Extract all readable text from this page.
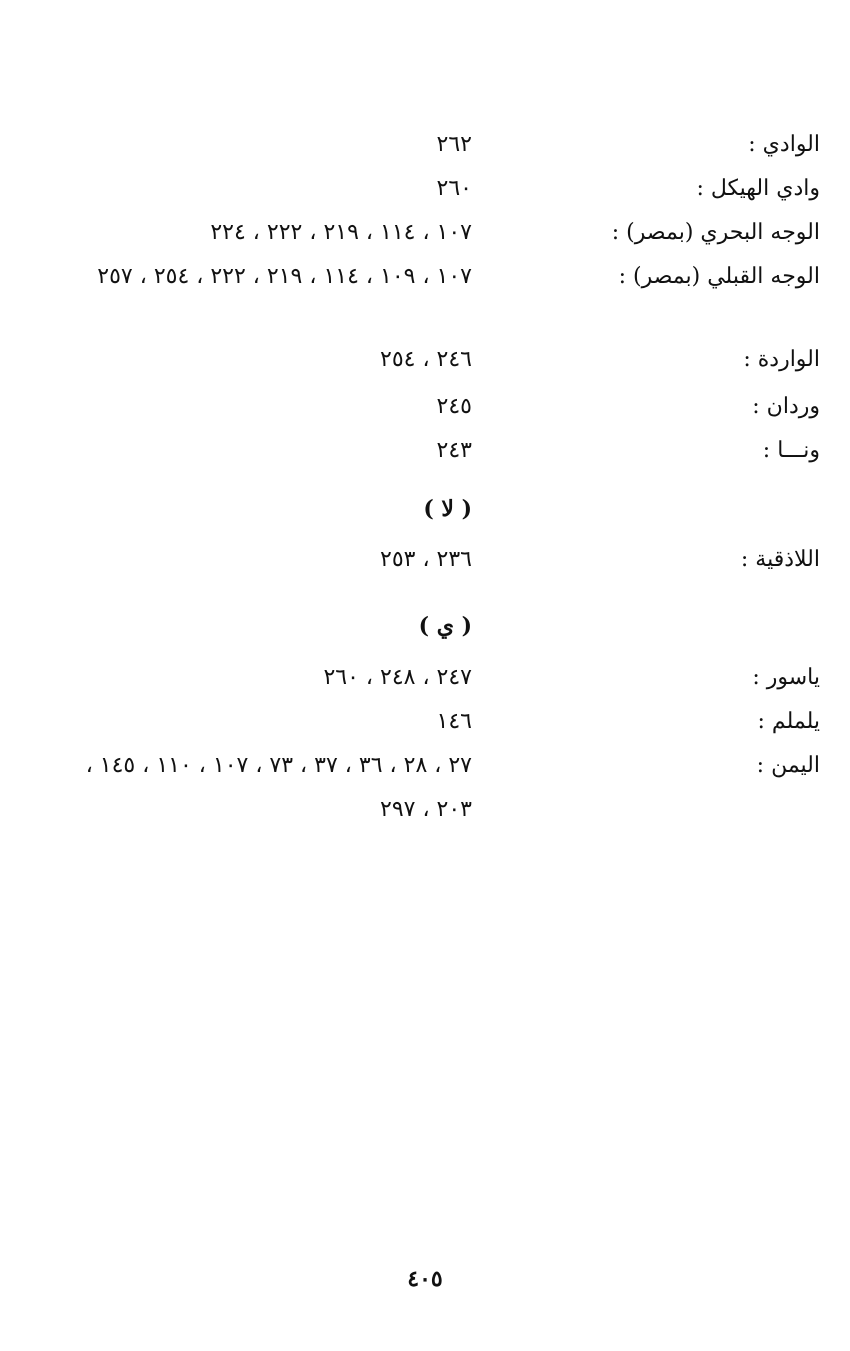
الوادي :
٢٦٢
وادي الهيكل :
٢٦٠
الوجه البحري (بمصر) :
١٠٧ ، ١١٤ ، ٢١٩ ، ٢٢٢ ، ٢٢٤
الوجه القبلي (بمصر) :
١٠٧ ، ١٠٩ ، ١١٤ ، ٢١٩ ، ٢٢٢ ، ٢٥٤ ، ٢٥٧
الواردة :
٢٤٦ ، ٢٥٤
وردان :
٢٤٥
ونـــا :
٢٤٣
( لا )
اللاذقية :
٢٣٦ ، ٢٥٣
( ي )
ياسور :
٢٤٧ ، ٢٤٨ ، ٢٦٠
يلملم :
١٤٦
اليمن :
٢٧ ، ٢٨ ، ٣٦ ، ٣٧ ، ٧٣ ، ١٠٧ ، ١١٠ ، ١٤٥ ، ٢٠٣ ، ٢٩٧
٤٠٥
